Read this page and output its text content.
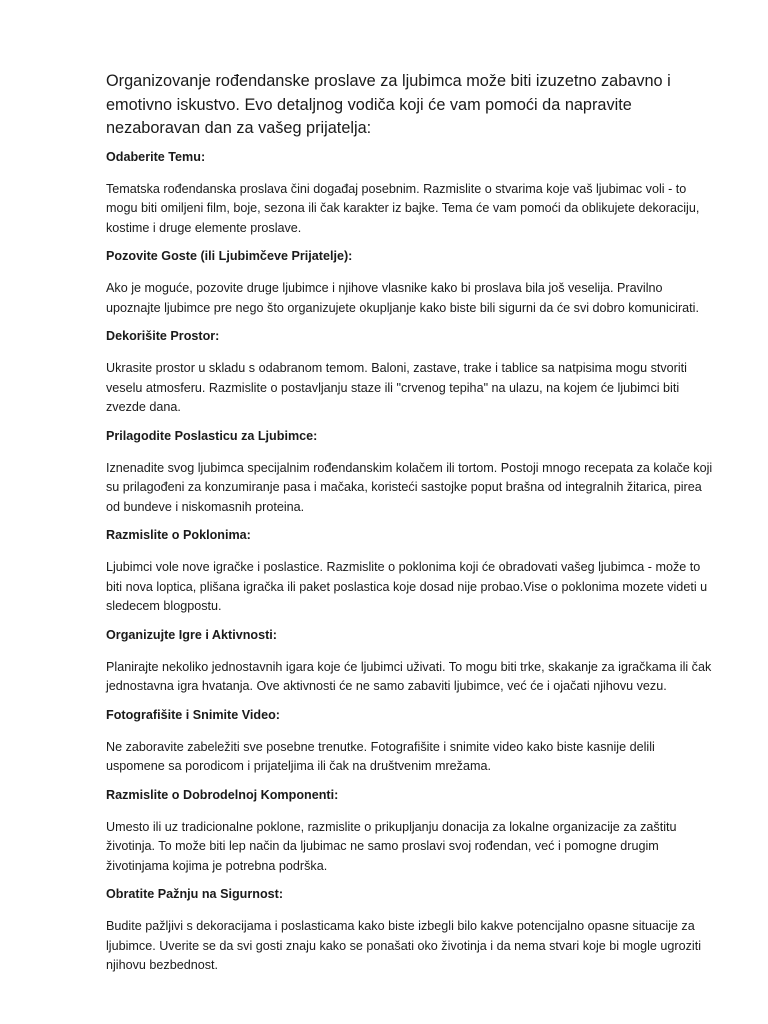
Organizovanje rođendanske proslave za ljubimca može biti izuzetno zabavno i emotivno iskustvo. Evo detaljnog vodiča koji će vam pomoći da napravite nezaboravan dan za vašeg prijatelja:

Odaberite Temu:

Tematska rođendanska proslava čini događaj posebnim. Razmislite o stvarima koje vaš ljubimac voli - to mogu biti omiljeni film, boje, sezona ili čak karakter iz bajke. Tema će vam pomoći da oblikujete dekoraciju, kostime i druge elemente proslave.

Pozovite Goste (ili Ljubimčeve Prijatelje):

Ako je moguće, pozovite druge ljubimce i njihove vlasnike kako bi proslava bila još veselija. Pravilno upoznajte ljubimce pre nego što organizujete okupljanje kako biste bili sigurni da će svi dobro komunicirati.

Dekorišite Prostor:

Ukrasite prostor u skladu s odabranom temom. Baloni, zastave, trake i tablice sa natpisima mogu stvoriti veselu atmosferu. Razmislite o postavljanju staze ili "crvenog tepiha" na ulazu, na kojem će ljubimci biti zvezde dana.

Prilagodite Poslasticu za Ljubimce:

Iznenadite svog ljubimca specijalnim rođendanskim kolačem ili tortom. Postoji mnogo recepata za kolače koji su prilagođeni za konzumiranje pasa i mačaka, koristeći sastojke poput brašna od integralnih žitarica, pirea od bundeve i niskomasnih proteina.

Razmislite o Poklonima:

Ljubimci vole nove igračke i poslastice. Razmislite o poklonima koji će obradovati vašeg ljubimca - može to biti nova loptica, plišana igračka ili paket poslastica koje dosad nije probao.Vise o poklonima mozete videti u sledecem blogpostu.

Organizujte Igre i Aktivnosti:

Planirajte nekoliko jednostavnih igara koje će ljubimci uživati. To mogu biti trke, skakanje za igračkama ili čak jednostavna igra hvatanja. Ove aktivnosti će ne samo zabaviti ljubimce, već će i ojačati njihovu vezu.

Fotografišite i Snimite Video:

Ne zaboravite zabeležiti sve posebne trenutke. Fotografišite i snimite video kako biste kasnije delili uspomene sa porodicom i prijateljima ili čak na društvenim mrežama.

Razmislite o Dobrodelnoj Komponenti:

Umesto ili uz tradicionalne poklone, razmislite o prikupljanju donacija za lokalne organizacije za zaštitu životinja. To može biti lep način da ljubimac ne samo proslavi svoj rođendan, već i pomogne drugim životinjama kojima je potrebna podrška.

Obratite Pažnju na Sigurnost:

Budite pažljivi s dekoracijama i poslasticama kako biste izbegli bilo kakve potencijalno opasne situacije za ljubimce. Uverite se da svi gosti znaju kako se ponašati oko životinja i da nema stvari koje bi mogle ugroziti njihovu bezbednost.
